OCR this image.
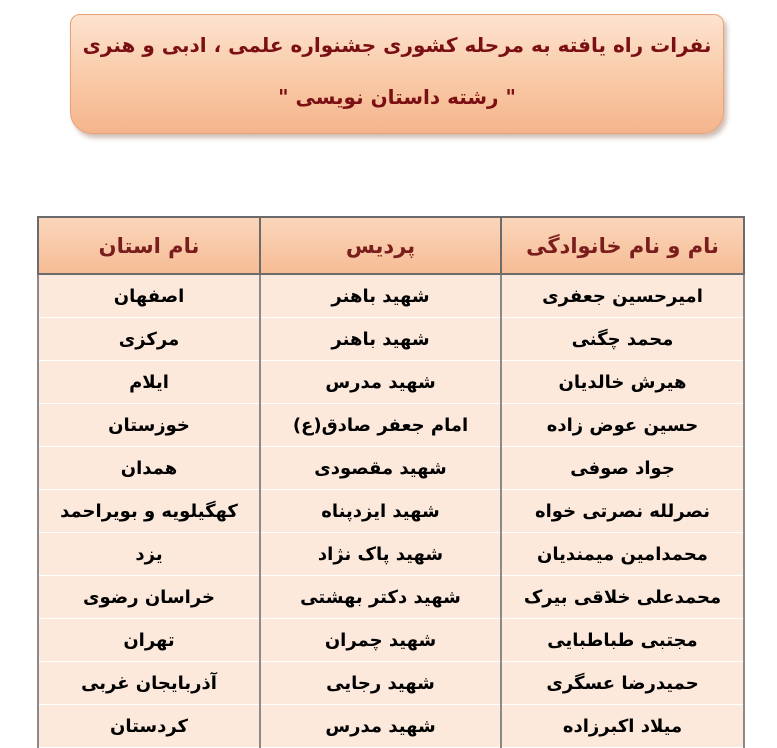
نفرات راه یافته به مرحله کشوری جشنواره علمی ، ادبی و هنری
" رشته داستان نویسی "
نام و نام خانوادگی	پردیس	نام استان
امیرحسین جعفری	شهید باهنر	اصفهان
محمد چگنی	شهید باهنر	مرکزی
هیرش خالدیان	شهید مدرس	ایلام
حسین عوض زاده	امام جعفر صادق(ع)	خوزستان
جواد صوفی	شهید مقصودی	همدان
نصرلله نصرتی خواه	شهید ایزدپناه	کهگیلویه و بویراحمد
محمدامین میمندیان	شهید پاک نژاد	یزد
محمدعلی خلاقی بیرک	شهید دکتر بهشتی	خراسان رضوی
مجتبی طباطبایی	شهید چمران	تهران
حمیدرضا عسگری	شهید رجایی	آذربایجان غربی
میلاد اکبرزاده	شهید مدرس	کردستان
